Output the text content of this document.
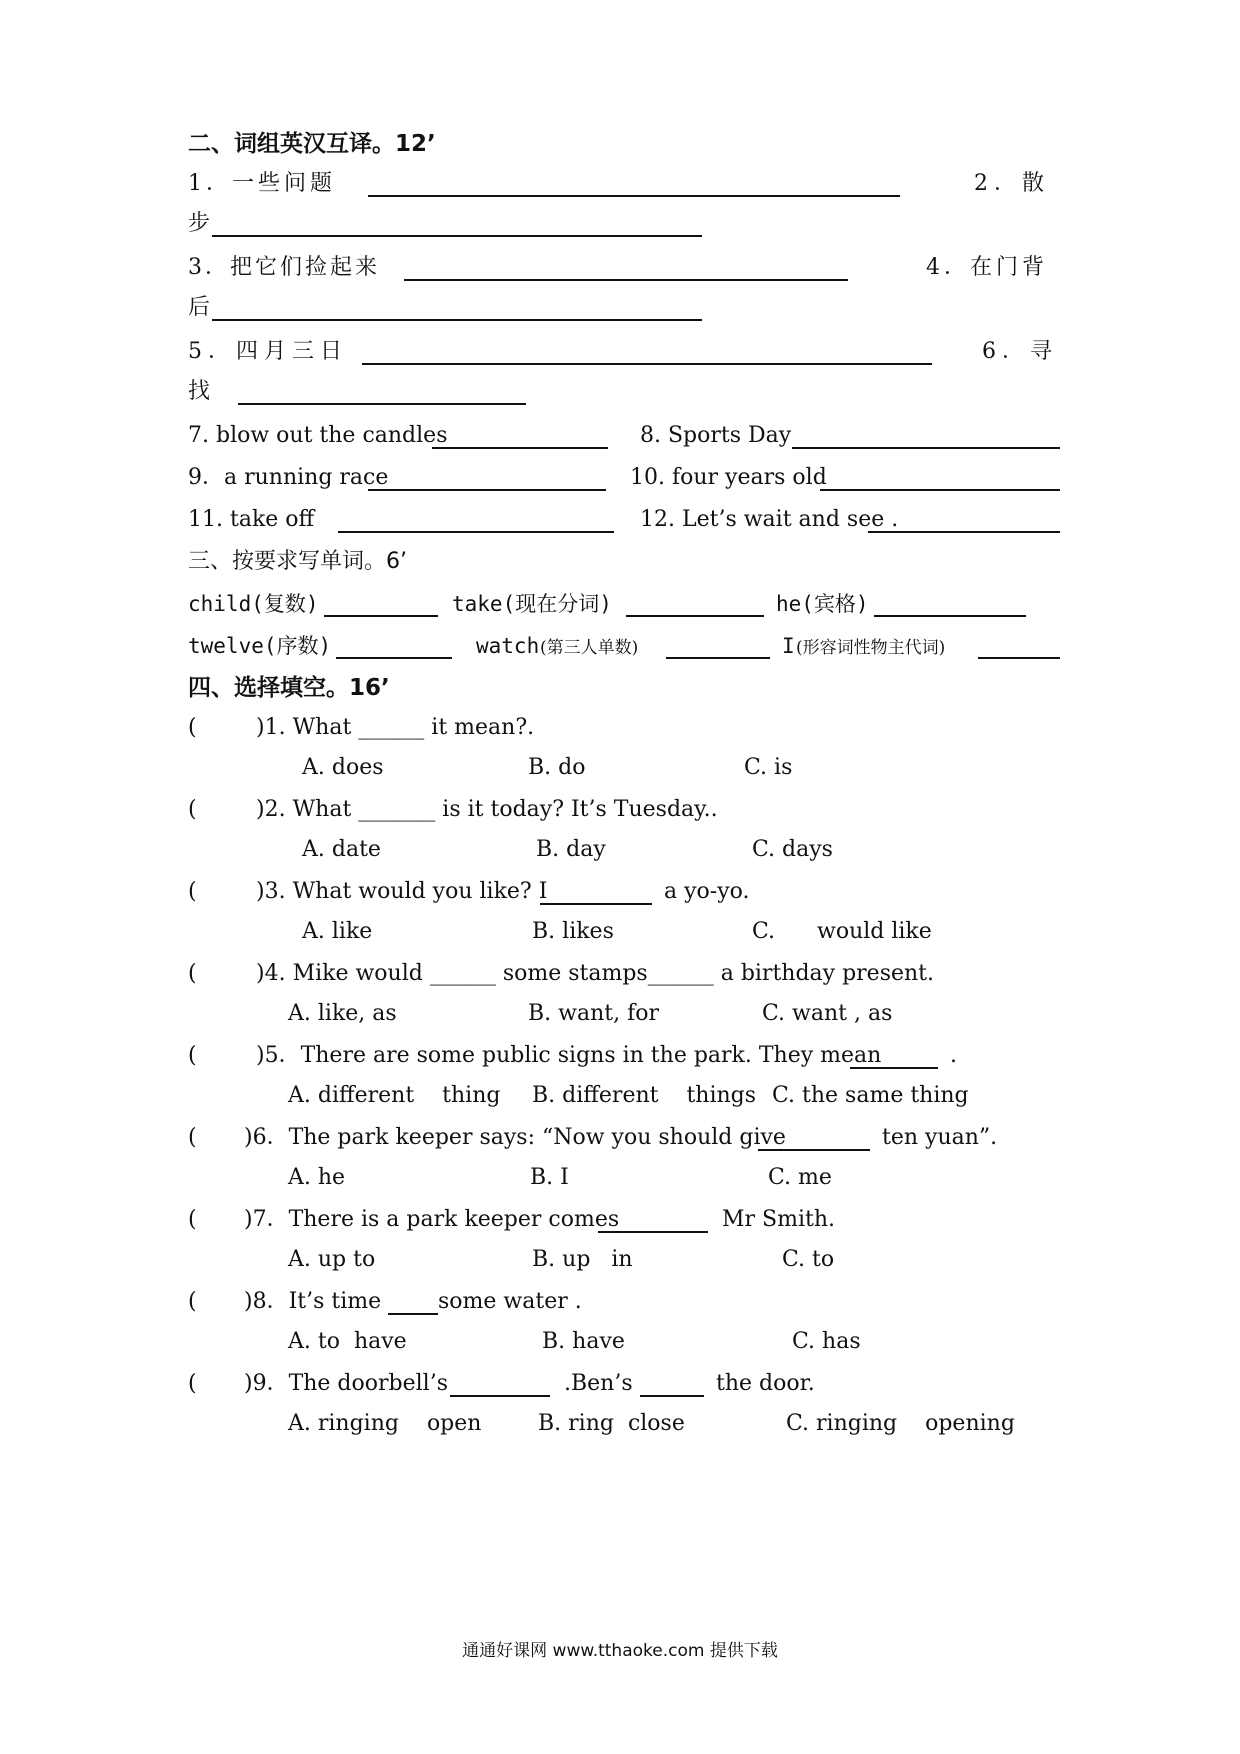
二、词组英汉互译。12’
1．一些问题	2．散
步
3．把它们捡起来	4．在门背
后
5．四月三日	6．寻
找
7. blow out the candles	8. Sports Day
9．a running race	10. four years old
11. take off	12. Let’s wait and see .
三、按要求写单词。6’
child(复数)	take(现在分词)	he(宾格)
twelve(序数)	watch (第三人单数)	I (形容词性物主代词)
四、选择填空。16’
(	)1. What ______ it mean?.
A. does	B. do	C. is
(	)2. What _______ is it today? It’s Tuesday..
A. date	B. day	C. days
(	)3. What would you like? I	a yo-yo.
A. like	B. likes	C.      would like
(	)4. Mike would ______ some stamps______ a birthday present.
A. like, as	B. want, for	C. want , as
(	)5．There are some public signs in the park. They mean	.
A. different    thing B. different    things C. the same thing
( )6．The park keeper says: “Now you should give	ten yuan”.
A. he	B. I	C. me
( )7．There is a park keeper comes	Mr Smith.
A. up to	B. up   in	C. to
( )8．It’s time	some water .
A. to  have	B. have	C. has
( )9．The doorbell’s	.Ben’s	the door.
A. ringing    open	B. ring  close	C. ringing    opening
通通好课网 www.tthaoke.com 提供下载
